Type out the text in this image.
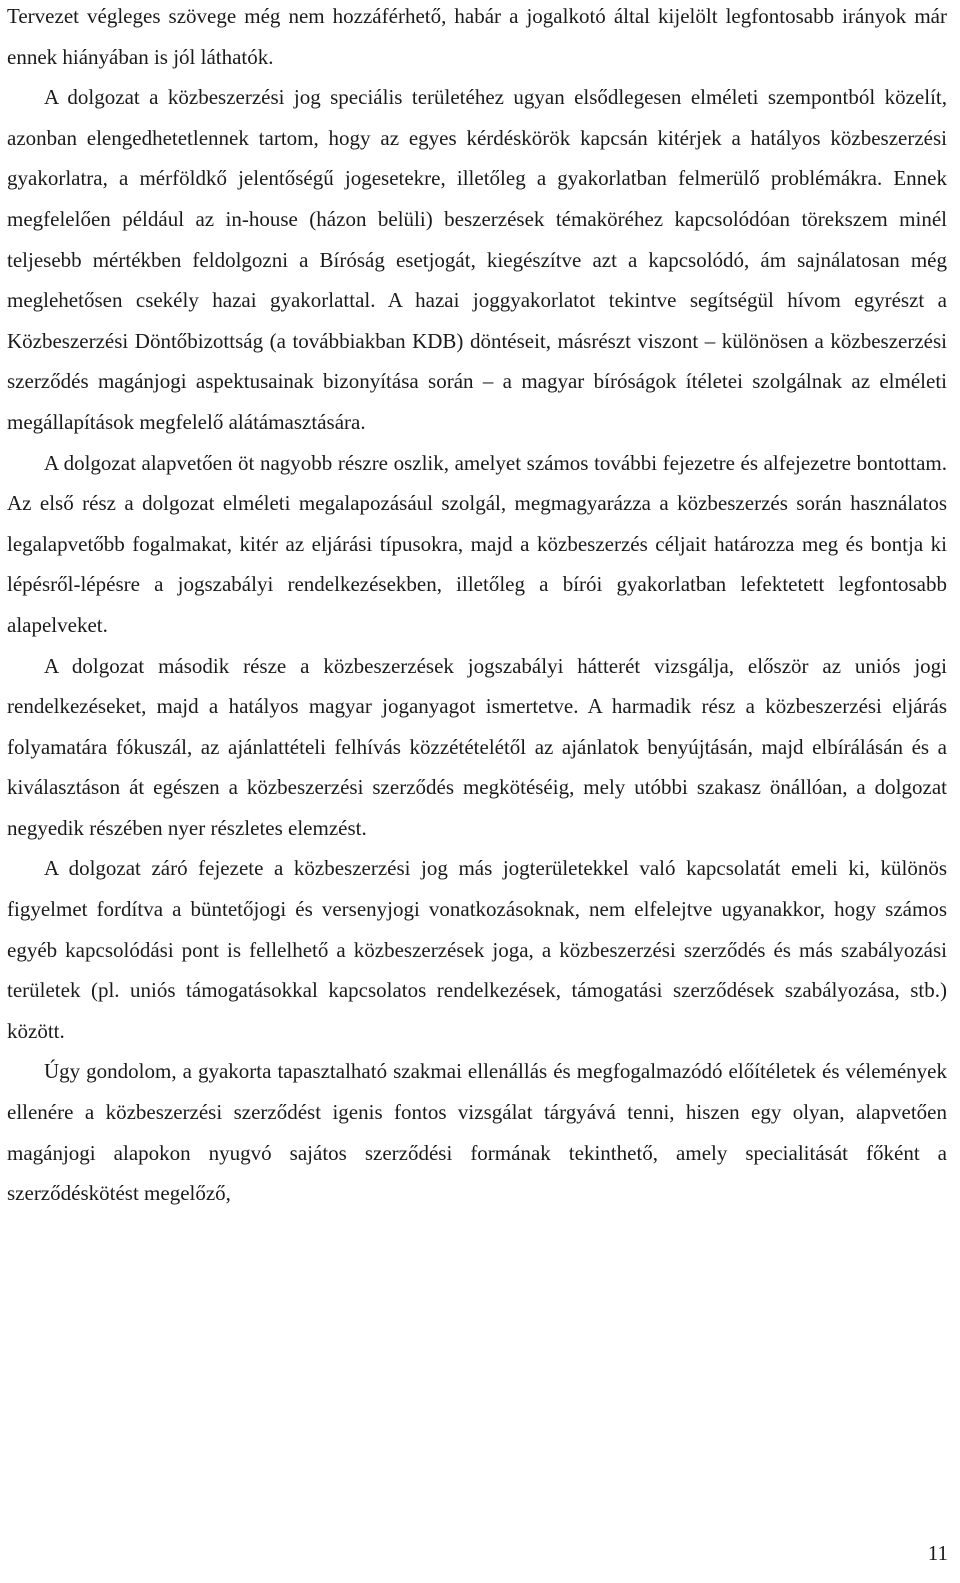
Tervezet végleges szövege még nem hozzáférhető, habár a jogalkotó által kijelölt legfontosabb irányok már ennek hiányában is jól láthatók.

A dolgozat a közbeszerzési jog speciális területéhez ugyan elsődlegesen elméleti szempontból közelít, azonban elengedhetetlennek tartom, hogy az egyes kérdéskörök kapcsán kitérjek a hatályos közbeszerzési gyakorlatra, a mérföldkő jelentőségű jogesetekre, illetőleg a gyakorlatban felmerülő problémákra. Ennek megfelelően például az in-house (házon belüli) beszerzések témaköréhez kapcsolódóan törekszem minél teljesebb mértékben feldolgozni a Bíróság esetjogát, kiegészítve azt a kapcsolódó, ám sajnálatosan még meglehetősen csekély hazai gyakorlattal. A hazai joggyakorlatot tekintve segítségül hívom egyrészt a Közbeszerzési Döntőbizottság (a továbbiakban KDB) döntéseit, másrészt viszont – különösen a közbeszerzési szerződés magánjogi aspektusainak bizonyítása során – a magyar bíróságok ítéletei szolgálnak az elméleti megállapítások megfelelő alátámasztására.

A dolgozat alapvetően öt nagyobb részre oszlik, amelyet számos további fejezetre és alfejezetre bontottam. Az első rész a dolgozat elméleti megalapozásául szolgál, megmagyarázza a közbeszerzés során használatos legalapvetőbb fogalmakat, kitér az eljárási típusokra, majd a közbeszerzés céljait határozza meg és bontja ki lépésről-lépésre a jogszabályi rendelkezésekben, illetőleg a bírói gyakorlatban lefektetett legfontosabb alapelveket.

A dolgozat második része a közbeszerzések jogszabályi hátterét vizsgálja, először az uniós jogi rendelkezéseket, majd a hatályos magyar joganyagot ismertetve. A harmadik rész a közbeszerzési eljárás folyamatára fókuszál, az ajánlattételi felhívás közzétételétől az ajánlatok benyújtásán, majd elbírálásán és a kiválasztáson át egészen a közbeszerzési szerződés megkötéséig, mely utóbbi szakasz önállóan, a dolgozat negyedik részében nyer részletes elemzést.

A dolgozat záró fejezete a közbeszerzési jog más jogterületekkel való kapcsolatát emeli ki, különös figyelmet fordítva a büntetőjogi és versenyjogi vonatkozásoknak, nem elfelejtve ugyanakkor, hogy számos egyéb kapcsolódási pont is fellelhető a közbeszerzések joga, a közbeszerzési szerződés és más szabályozási területek (pl. uniós támogatásokkal kapcsolatos rendelkezések, támogatási szerződések szabályozása, stb.) között.

Úgy gondolom, a gyakorta tapasztalható szakmai ellenállás és megfogalmazódó előítéletek és vélemények ellenére a közbeszerzési szerződést igenis fontos vizsgálat tárgyává tenni, hiszen egy olyan, alapvetően magánjogi alapokon nyugvó sajátos szerződési formának tekinthető, amely specialitását főként a szerződéskötést megelőző,

11
